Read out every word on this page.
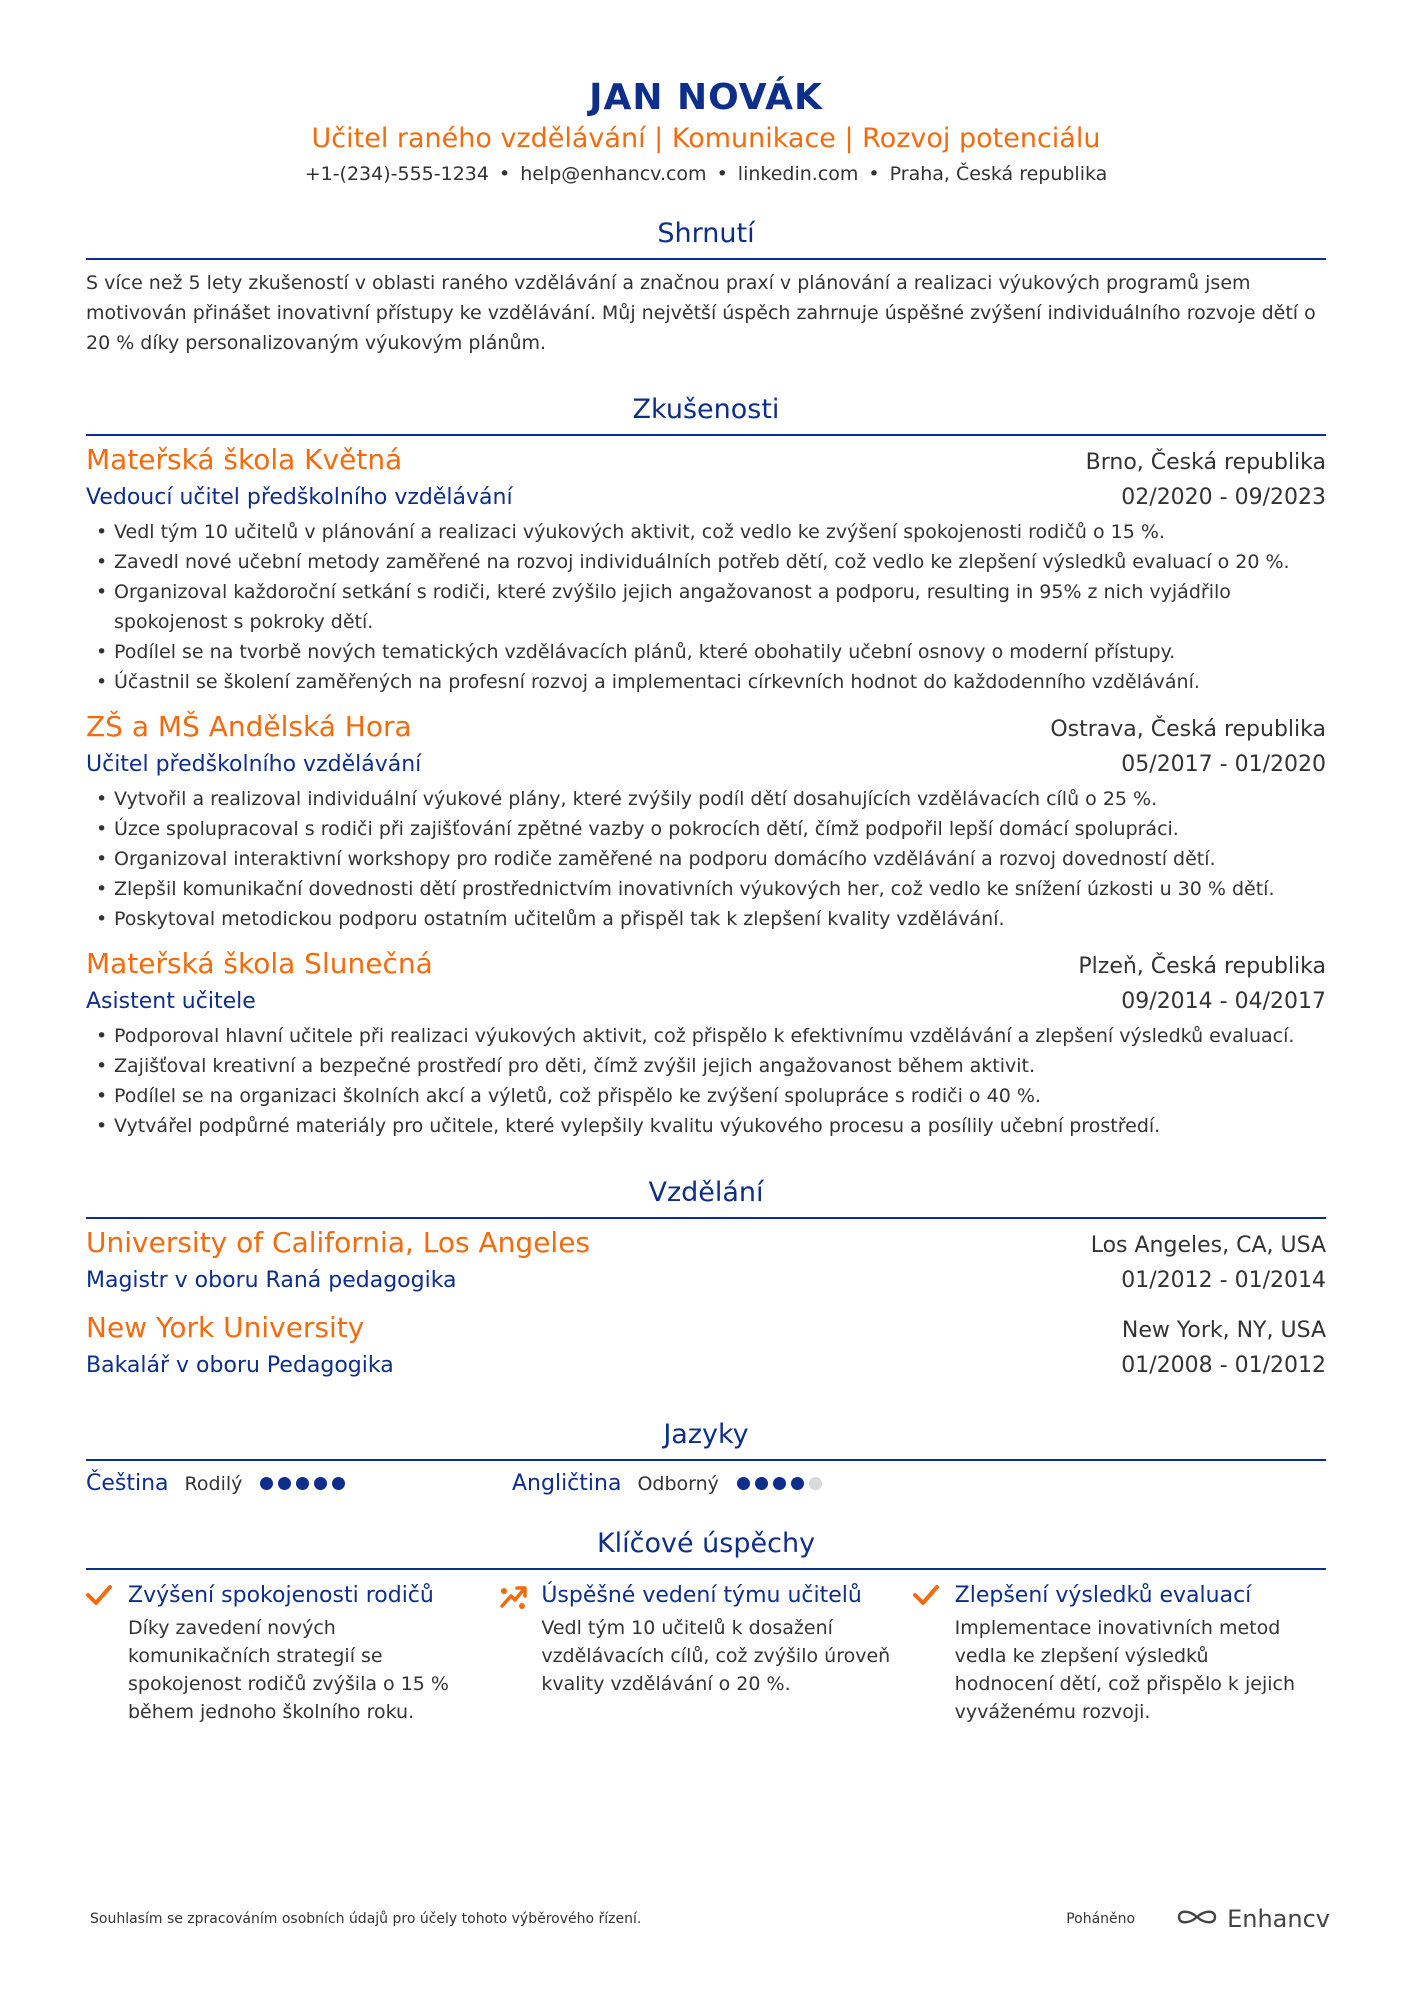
JAN NOVÁK
Učitel raného vzdělávání | Komunikace | Rozvoj potenciálu
+1-(234)-555-1234 • help@enhancv.com • linkedin.com • Praha, Česká republika
Shrnutí
S více než 5 lety zkušeností v oblasti raného vzdělávání a značnou praxí v plánování a realizaci výukových programů jsem motivován přinášet inovativní přístupy ke vzdělávání. Můj největší úspěch zahrnuje úspěšné zvýšení individuálního rozvoje dětí o 20 % díky personalizovaným výukovým plánům.
Zkušenosti
Mateřská škola Květná	Brno, Česká republika
Vedoucí učitel předškolního vzdělávání	02/2020 - 09/2023
• Vedl tým 10 učitelů v plánování a realizaci výukových aktivit, což vedlo ke zvýšení spokojenosti rodičů o 15 %.
• Zavedl nové učební metody zaměřené na rozvoj individuálních potřeb dětí, což vedlo ke zlepšení výsledků evaluací o 20 %.
• Organizoval každoroční setkání s rodiči, které zvýšilo jejich angažovanost a podporu, resulting in 95% z nich vyjádřilo spokojenost s pokroky dětí.
• Podílel se na tvorbě nových tematických vzdělávacích plánů, které obohatily učební osnovy o moderní přístupy.
• Účastnil se školení zaměřených na profesní rozvoj a implementaci církevních hodnot do každodenního vzdělávání.
ZŠ a MŠ Andělská Hora	Ostrava, Česká republika
Učitel předškolního vzdělávání	05/2017 - 01/2020
• Vytvořil a realizoval individuální výukové plány, které zvýšily podíl dětí dosahujících vzdělávacích cílů o 25 %.
• Úzce spolupracoval s rodiči při zajišťování zpětné vazby o pokrocích dětí, čímž podpořil lepší domácí spolupráci.
• Organizoval interaktivní workshopy pro rodiče zaměřené na podporu domácího vzdělávání a rozvoj dovedností dětí.
• Zlepšil komunikační dovednosti dětí prostřednictvím inovativních výukových her, což vedlo ke snížení úzkosti u 30 % dětí.
• Poskytoval metodickou podporu ostatním učitelům a přispěl tak k zlepšení kvality vzdělávání.
Mateřská škola Slunečná	Plzeň, Česká republika
Asistent učitele	09/2014 - 04/2017
• Podporoval hlavní učitele při realizaci výukových aktivit, což přispělo k efektivnímu vzdělávání a zlepšení výsledků evaluací.
• Zajišťoval kreativní a bezpečné prostředí pro děti, čímž zvýšil jejich angažovanost během aktivit.
• Podílel se na organizaci školních akcí a výletů, což přispělo ke zvýšení spolupráce s rodiči o 40 %.
• Vytvářel podpůrné materiály pro učitele, které vylepšily kvalitu výukového procesu a posílily učební prostředí.
Vzdělání
University of California, Los Angeles	Los Angeles, CA, USA
Magistr v oboru Raná pedagogika	01/2012 - 01/2014
New York University	New York, NY, USA
Bakalář v oboru Pedagogika	01/2008 - 01/2012
Jazyky
Čeština Rodilý	Angličtina Odborný
Klíčové úspěchy
Zvýšení spokojenosti rodičů
Díky zavedení nových komunikačních strategií se spokojenost rodičů zvýšila o 15 % během jednoho školního roku.
Úspěšné vedení týmu učitelů
Vedl tým 10 učitelů k dosažení vzdělávacích cílů, což zvýšilo úroveň kvality vzdělávání o 20 %.
Zlepšení výsledků evaluací
Implementace inovativních metod vedla ke zlepšení výsledků hodnocení dětí, což přispělo k jejich vyváženému rozvoji.
Souhlasím se zpracováním osobních údajů pro účely tohoto výběrového řízení.	Poháněno	Enhancv
